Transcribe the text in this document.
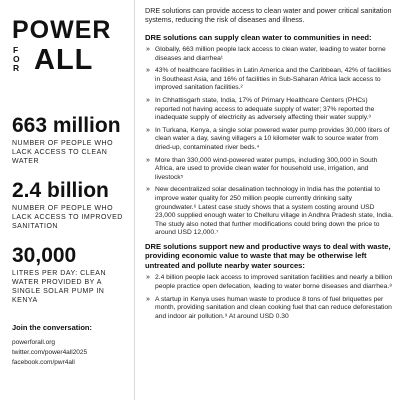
POWER
F
O
R ALL
663 million
NUMBER OF PEOPLE WHO LACK ACCESS TO CLEAN WATER
2.4 billion
NUMBER OF PEOPLE WHO LACK ACCESS TO IMPROVED SANITATION
30,000
LITRES PER DAY: CLEAN WATER PROVIDED BY A SINGLE SOLAR PUMP IN KENYA
Join the conversation:
powerforall.org
twitter.com/power4all2025
facebook.com/pwr4all
DRE solutions can provide access to clean water and power critical sanitation systems, reducing the risk of diseases and illness.
DRE solutions can supply clean water to communities in need:
» Globally, 663 million people lack access to clean water, leading to water borne diseases and diarrhea¹
» 43% of healthcare facilities in Latin America and the Caribbean, 42% of facilities in Southeast Asia, and 16% of facilities in Sub-Saharan Africa lack access to improved sanitation facilities.²
» In Chhattisgarh state, India, 17% of Primary Healthcare Centers (PHCs) reported not having access to adequate supply of water; 37% reported the inadequate supply of electricity as adversely affecting their water supply.³
» In Turkana, Kenya, a single solar powered water pump provides 30,000 liters of clean water a day, saving villagers a 10 kilometer walk to source water from dried-up, contaminated river beds.⁴
» More than 330,000 wind-powered water pumps, including 300,000 in South Africa, are used to provide clean water for household use, irrigation, and livestock⁵
» New decentralized solar desalination technology in India has the potential to improve water quality for 250 million people currently drinking salty groundwater.⁶ Latest case study shows that a system costing around USD 23,000 supplied enough water to Chelluru village in Andhra Pradesh state, India. The study also noted that further modifications could bring down the price to around USD 12,000.⁷
DRE solutions support new and productive ways to deal with waste, providing economic value to waste that may be otherwise left untreated and pollute nearby water sources:
» 2.4 billion people lack access to improved sanitation facilities and nearly a billion people practice open defecation, leading to water borne diseases and diarrhea.⁸
» A startup in Kenya uses human waste to produce 8 tons of fuel briquettes per month, providing sanitation and clean cooking fuel that can reduce deforestation and indoor air pollution.⁹ At around USD 0.30
